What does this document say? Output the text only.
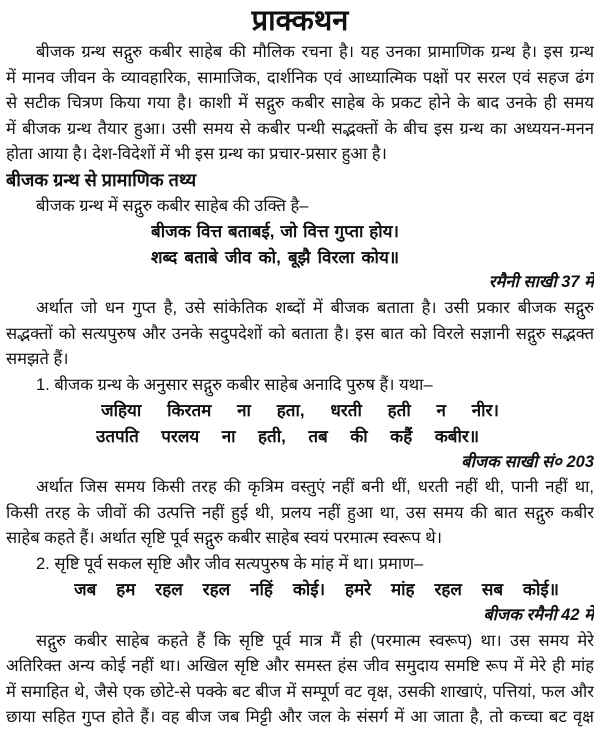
प्राक्कथन
बीजक ग्रन्थ सद्गुरु कबीर साहेब की मौलिक रचना है। यह उनका प्रामाणिक ग्रन्थ है। इस ग्रन्थ
में मानव जीवन के व्यावहारिक, सामाजिक, दार्शनिक एवं आध्यात्मिक पक्षों पर सरल एवं सहज ढंग
से सटीक चित्रण किया गया है। काशी में सद्गुरु कबीर साहेब के प्रकट होने के बाद उनके ही समय
में बीजक ग्रन्थ तैयार हुआ। उसी समय से कबीर पन्थी सद्भक्तों के बीच इस ग्रन्थ का अध्ययन-मनन
होता आया है। देश-विदेशों में भी इस ग्रन्थ का प्रचार-प्रसार हुआ है।
बीजक ग्रन्थ से प्रामाणिक तथ्य
बीजक ग्रन्थ में सद्गुरु कबीर साहेब की उक्ति है–
बीजक वित्त बताबई, जो वित्त गुप्ता होय।
शब्द बताबे जीव को, बूझै विरला कोय॥
रमैनी साखी 37 में
अर्थात जो धन गुप्त है, उसे सांकेतिक शब्दों में बीजक बताता है। उसी प्रकार बीजक सद्गुरु
सद्भक्तों को सत्यपुरुष और उनके सदुपदेशों को बताता है। इस बात को विरले सज्ञानी सद्गुरु सद्भक्त
समझते हैं।
1. बीजक ग्रन्थ के अनुसार सद्गुरु कबीर साहेब अनादि पुरुष हैं। यथा–
जहिया किरतम ना हता, धरती हती न नीर।
उतपति परलय ना हती, तब की कहैं कबीर॥
बीजक साखी सं० 203
अर्थात जिस समय किसी तरह की कृत्रिम वस्तुएं नहीं बनी थीं, धरती नहीं थी, पानी नहीं था,
किसी तरह के जीवों की उत्पत्ति नहीं हुई थी, प्रलय नहीं हुआ था, उस समय की बात सद्गुरु कबीर
साहेब कहते हैं। अर्थात सृष्टि पूर्व सद्गुरु कबीर साहेब स्वयं परमात्म स्वरूप थे।
2. सृष्टि पूर्व सकल सृष्टि और जीव सत्यपुरुष के मांह में था। प्रमाण–
जब हम रहल रहल नहिं कोई। हमरे मांह रहल सब कोई॥
बीजक रमैनी 42 में
सद्गुरु कबीर साहेब कहते हैं कि सृष्टि पूर्व मात्र मैं ही (परमात्म स्वरूप) था। उस समय मेरे
अतिरिक्त अन्य कोई नहीं था। अखिल सृष्टि और समस्त हंस जीव समुदाय समष्टि रूप में मेरे ही मांह
में समाहित थे, जैसे एक छोटे-से पक्के बट बीज में सम्पूर्ण वट वृक्ष, उसकी शाखाएं, पत्तियां, फल और
छाया सहित गुप्त होते हैं। वह बीज जब मिट्टी और जल के संसर्ग में आ जाता है, तो कच्चा बट वृक्ष
